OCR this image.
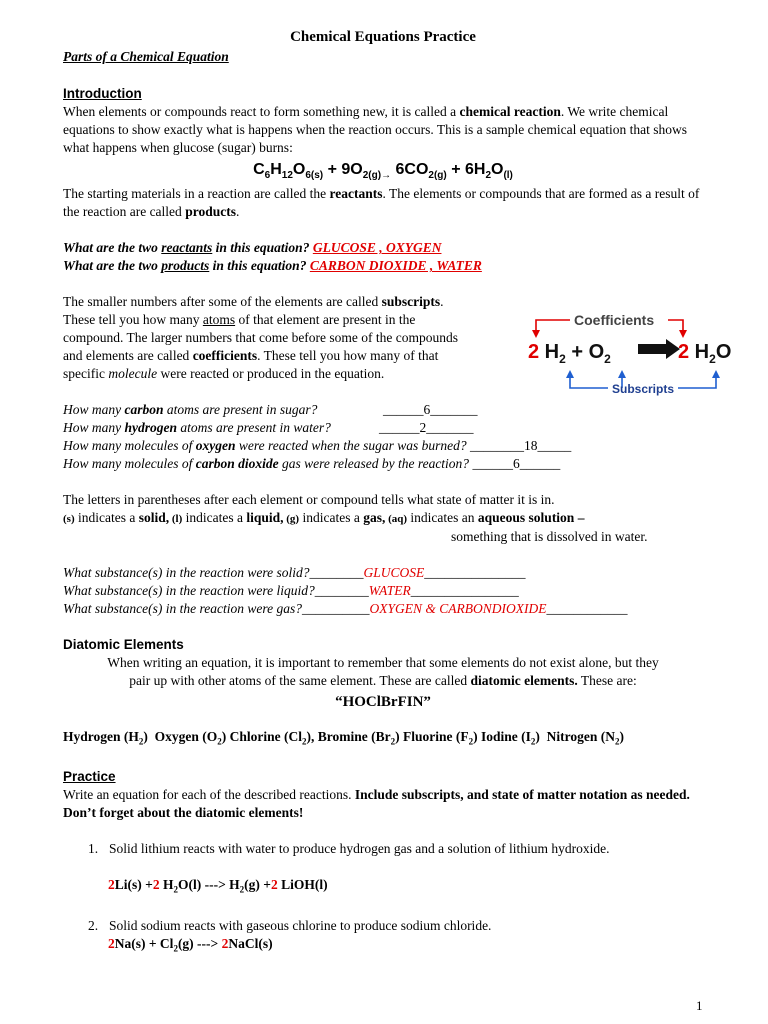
Chemical Equations Practice

Parts of a Chemical Equation

Introduction

When elements or compounds react to form something new, it is called a chemical reaction. We write chemical equations to show exactly what is happens when the reaction occurs. This is a sample chemical equation that shows what happens when glucose (sugar) burns:

$C_6H_{12}O_{6(s)} + 9O_{2(g)\to}$ $6CO_{2(g)} + 6H_2O_{(l)}$

The starting materials in a reaction are called the reactants. The elements or compounds that are formed as a result of the reaction are called products.

What are the two reactants in this equation? GLUCOSE , OXYGEN

What are the two products in this equation? CARBON DIOXIDE , WATER

The smaller numbers after some of the elements are called subscripts.

These tell you how many atoms of that element are present in the

compound. The larger numbers that come before some of the compounds

and elements are called coefficients. These tell you how many of that

specific molecule were reacted or produced in the equation.

How many carbon atoms are present in sugar?	______6_______

How many hydrogen atoms are present in water?	______2_______

How many molecules of oxygen were reacted when the sugar was burned? ________18_____

How many molecules of carbon dioxide gas were released by the reaction? ______6______

The letters in parentheses after each element or compound tells what state of matter it is in.

(s) indicates a solid, (l) indicates a liquid, (g) indicates a gas, (aq) indicates an aqueous solution –

something that is dissolved in water.

What substance(s) in the reaction were solid?________GLUCOSE_______________

What substance(s) in the reaction were liquid?________WATER________________

What substance(s) in the reaction were gas?__________OXYGEN & CARBONDIOXIDE____________

Diatomic Elements

When writing an equation, it is important to remember that some elements do not exist alone, but they

pair up with other atoms of the same element. These are called diatomic elements. These are:

“HOClBrFIN”

Hydrogen $(H_2)$  Oxygen $(O_2)$ Chlorine $(Cl_2)$, Bromine $(Br_2)$ Fluorine $(F_2)$ Iodine $(I_2)$  Nitrogen $(N_2)$

Practice

Write an equation for each of the described reactions. Include subscripts, and state of matter notation as needed. Don’t forget about the diatomic elements!

1. Solid lithium reacts with water to produce hydrogen gas and a solution of lithium hydroxide.

2Li(s) +2 $H_2O(l)$ ---> $H_2(g) +2$ LiOH(l)

2. Solid sodium reacts with gaseous chlorine to produce sodium chloride.

$2Na(s) + Cl_2(g)$ ---> 2NaCl(s)

Coefficients
2 $H_2 + O_2$	2 $H_2O$
Subscripts
1
